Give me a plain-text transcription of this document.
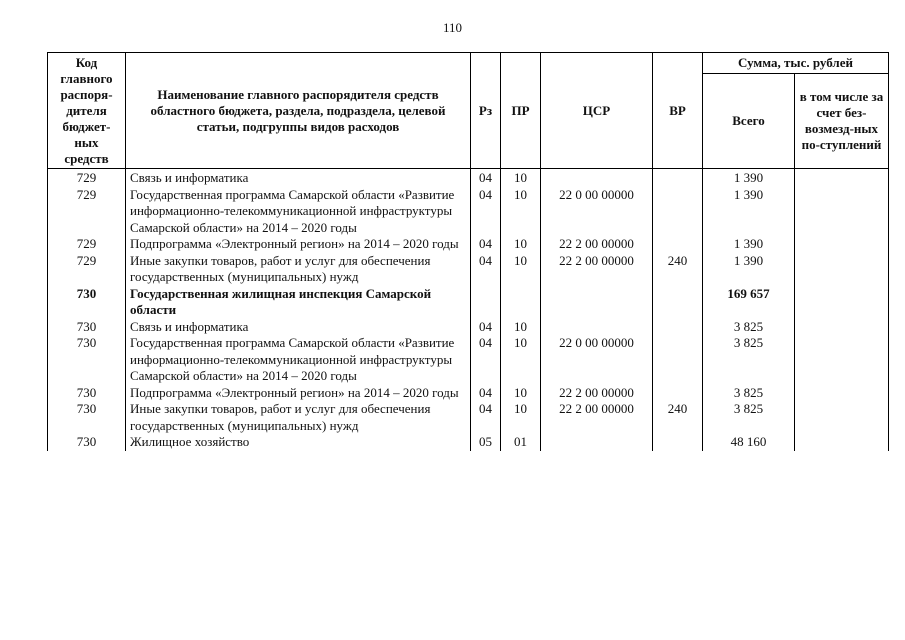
110
Код главного распоря-дителя бюджет-ных средств	Наименование главного распорядителя средств областного бюджета, раздела, подраздела, целевой статьи, подгруппы видов расходов	Рз	ПР	ЦСР	ВР	Сумма, тыс. рублей	
						Всего	в том числе за счет без-возмезд-ных по-ступлений
729	Связь и информатика	04	10			1 390	
729	Государственная программа Самарской области «Развитие информационно-телекоммуникационной инфраструктуры Самарской области» на 2014 – 2020 годы	04	10	22 0 00 00000		1 390	
729	Подпрограмма «Электронный регион» на 2014 – 2020 годы	04	10	22 2 00 00000		1 390	
729	Иные закупки товаров, работ и услуг для обеспечения государственных (муниципальных) нужд	04	10	22 2 00 00000	240	1 390	
730	Государственная жилищная инспекция Самарской области					169 657	
730	Связь и информатика	04	10			3 825	
730	Государственная программа Самарской области «Развитие информационно-телекоммуникационной инфраструктуры Самарской области» на 2014 – 2020 годы	04	10	22 0 00 00000		3 825	
730	Подпрограмма «Электронный регион» на 2014 – 2020 годы	04	10	22 2 00 00000		3 825	
730	Иные закупки товаров, работ и услуг для обеспечения государственных (муниципальных) нужд	04	10	22 2 00 00000	240	3 825	
730	Жилищное хозяйство	05	01			48 160	
